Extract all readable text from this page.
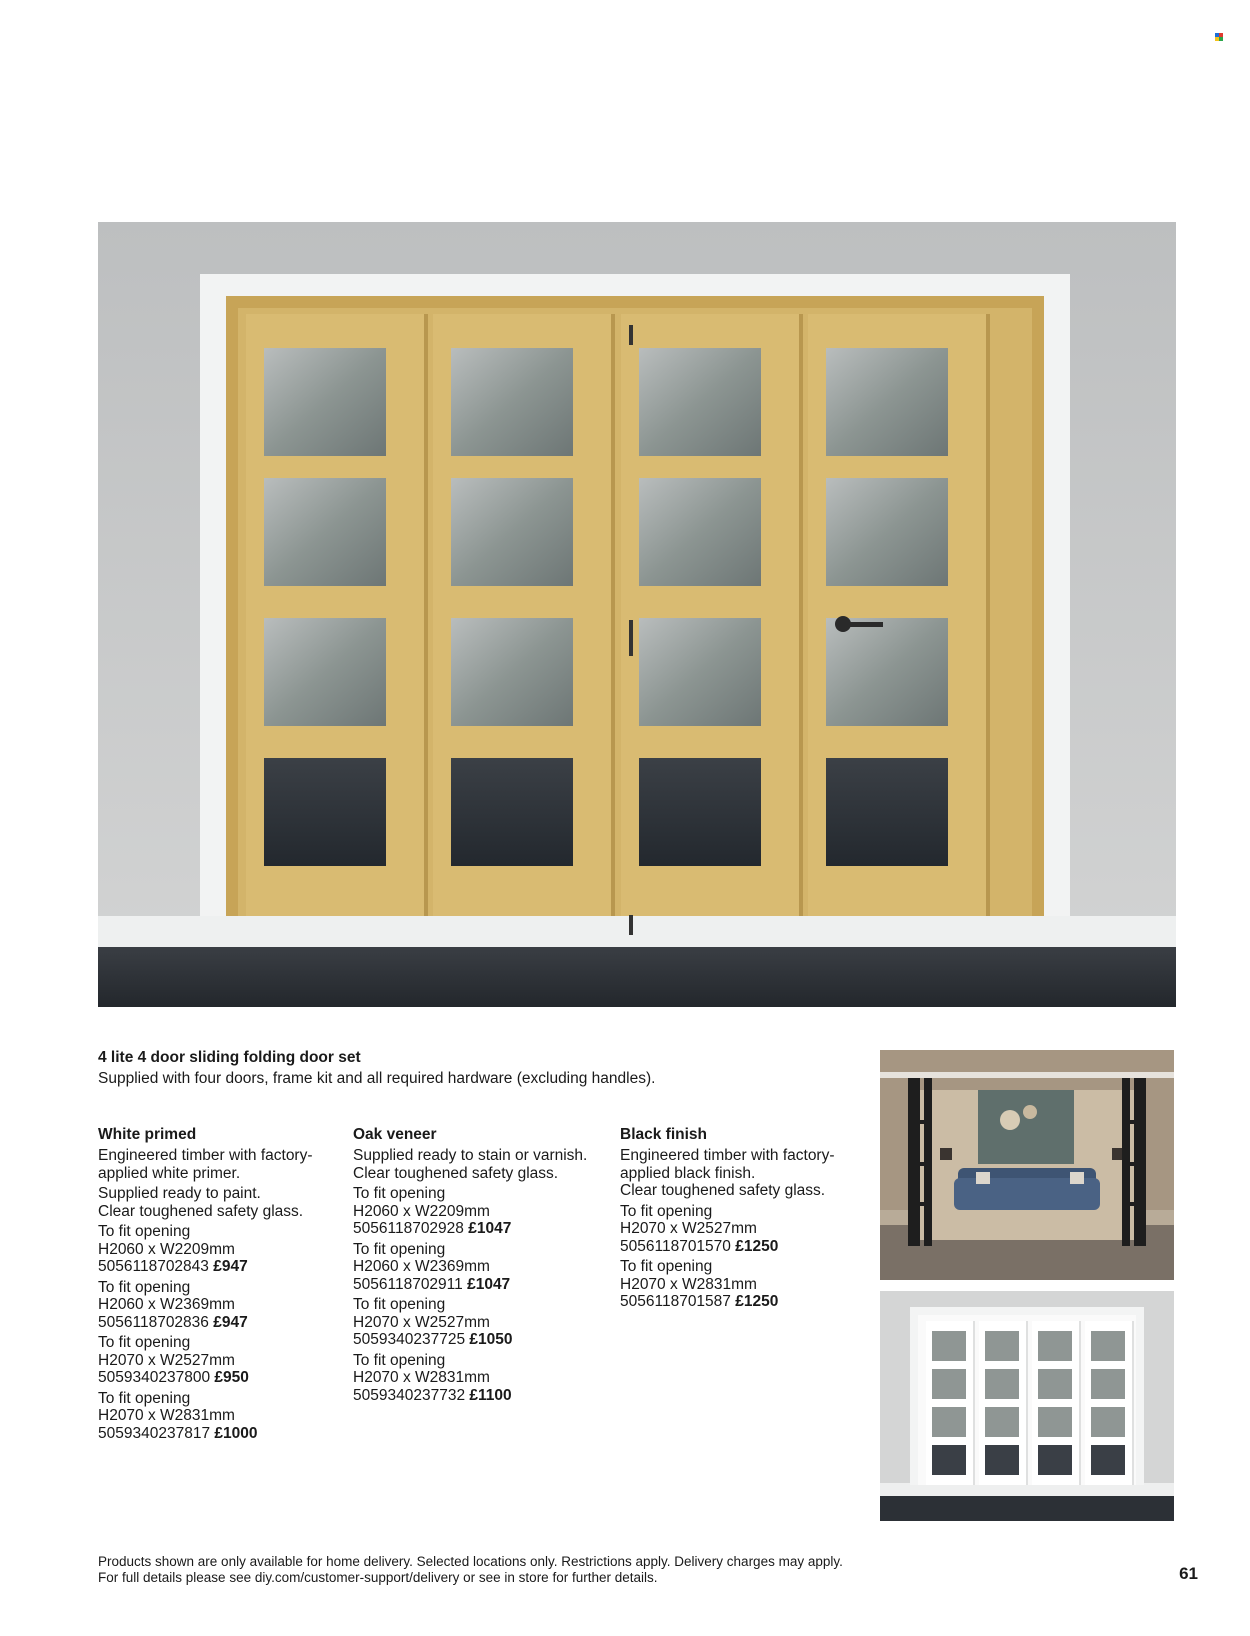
4 lite 4 door sliding folding door set
Supplied with four doors, frame kit and all required hardware (excluding handles).
White primed

Engineered timber with factory-applied white primer.

Supplied ready to paint.

Clear toughened safety glass.

To fit opening

H2060 x W2209mm

5056118702843 £947

To fit opening

H2060 x W2369mm

5056118702836 £947

To fit opening

H2070 x W2527mm

5059340237800 £950

To fit opening

H2070 x W2831mm

5059340237817 £1000

Oak veneer

Supplied ready to stain or varnish.

Clear toughened safety glass.

To fit opening

H2060 x W2209mm

5056118702928 £1047

To fit opening

H2060 x W2369mm

5056118702911 £1047

To fit opening

H2070 x W2527mm

5059340237725 £1050

To fit opening

H2070 x W2831mm

5059340237732 £1100

Black finish

Engineered timber with factory-applied black finish.

Clear toughened safety glass.

To fit opening

H2070 x W2527mm

5056118701570 £1250

To fit opening

H2070 x W2831mm

5056118701587 £1250

Products shown are only available for home delivery. Selected locations only. Restrictions apply. Delivery charges may apply.

For full details please see diy.com/customer-support/delivery or see in store for further details.	61
